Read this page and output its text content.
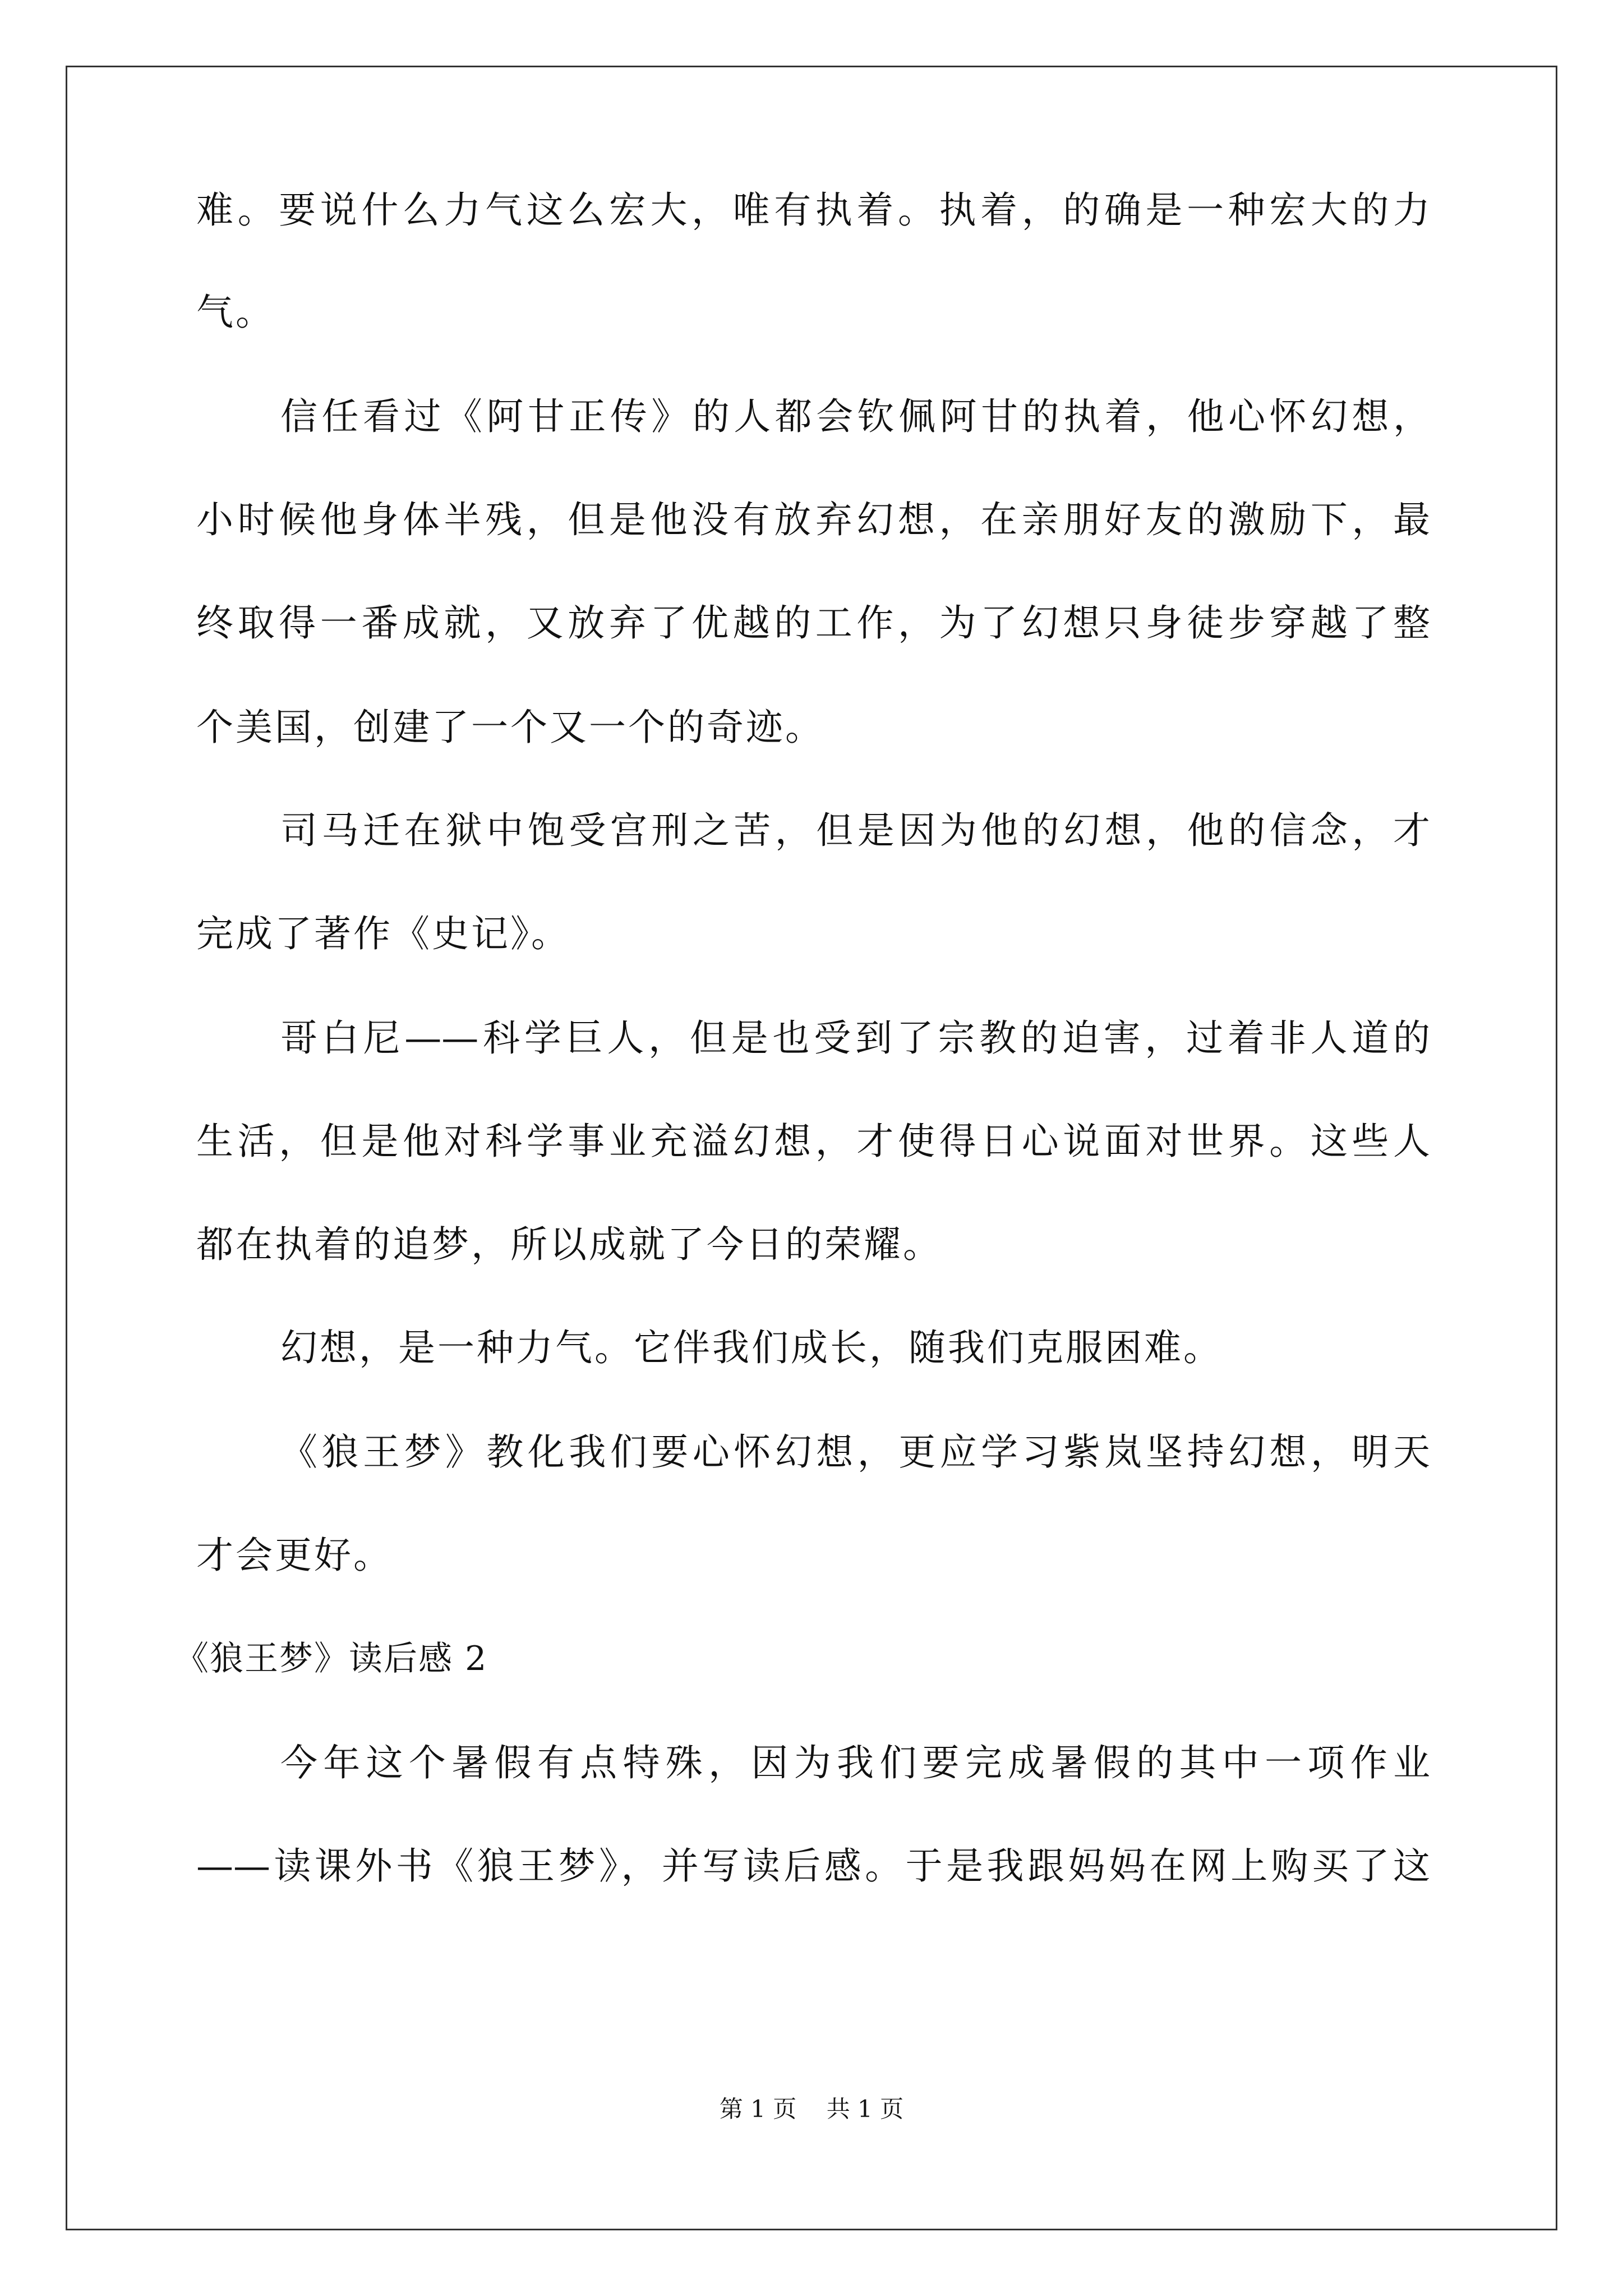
难。要说什么力气这么宏大，唯有执着。执着，的确是一种宏大的力
气。
信任看过《阿甘正传》的人都会钦佩阿甘的执着，他心怀幻想，
小时候他身体半残，但是他没有放弃幻想，在亲朋好友的激励下，最
终取得一番成就，又放弃了优越的工作，为了幻想只身徒步穿越了整
个美国，创建了一个又一个的奇迹。
司马迁在狱中饱受宫刑之苦，但是因为他的幻想，他的信念，才
完成了著作《史记》。
哥白尼——科学巨人，但是也受到了宗教的迫害，过着非人道的
生活，但是他对科学事业充溢幻想，才使得日心说面对世界。这些人
都在执着的追梦，所以成就了今日的荣耀。
幻想，是一种力气。它伴我们成长，随我们克服困难。
《狼王梦》教化我们要心怀幻想，更应学习紫岚坚持幻想，明天
才会更好。
《狼王梦》读后感 2
今年这个暑假有点特殊，因为我们要完成暑假的其中一项作业
——读课外书《狼王梦》，并写读后感。于是我跟妈妈在网上购买了这
第 1 页    共 1 页
